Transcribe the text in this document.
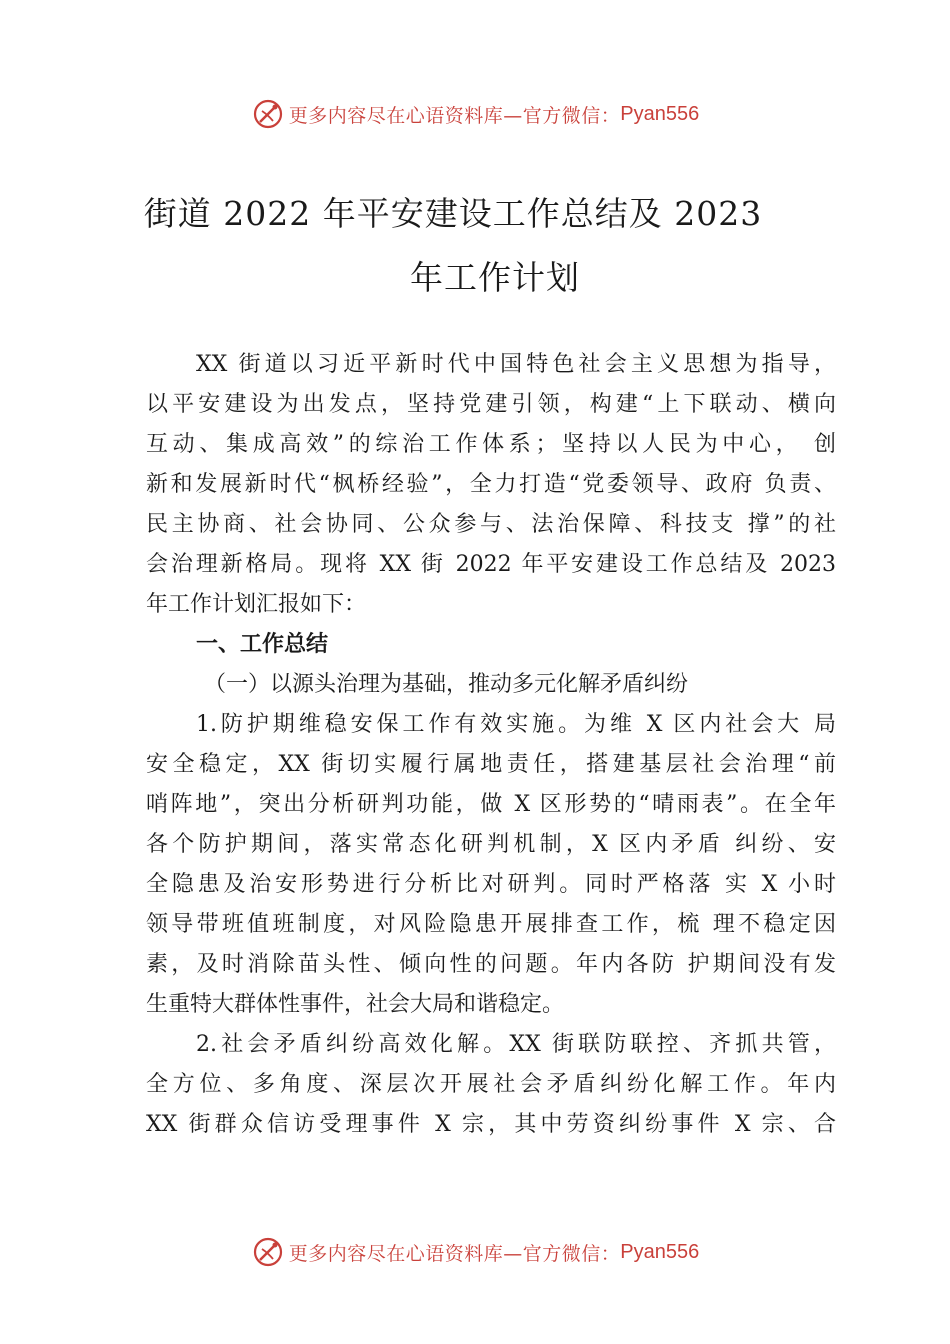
更多内容尽在心语资料库—官方微信： Pyan556
街道 2022 年平安建设工作总结及 2023
年工作计划
XX 街道以习近平新时代中国特色社会主义思想为指导，
以平安建设为出发点，坚持党建引领，构建“上下联动、横向
互动、集成高效”的综治工作体系；坚持以人民为中心， 创
新和发展新时代“枫桥经验”，全力打造“党委领导、政府 负责、
民主协商、社会协同、公众参与、法治保障、科技支 撑”的社
会治理新格局。现将 XX 街 2022 年平安建设工作总结及 2023
年工作计划汇报如下：
一、工作总结
（一）以源头治理为基础，推动多元化解矛盾纠纷
1.防护期维稳安保工作有效实施。为维 X 区内社会大 局
安全稳定，XX 街切实履行属地责任，搭建基层社会治理“前
哨阵地”，突出分析研判功能，做 X 区形势的“晴雨表”。在全年
各个防护期间，落实常态化研判机制，X 区内矛盾 纠纷、安
全隐患及治安形势进行分析比对研判。同时严格落 实 X 小时
领导带班值班制度，对风险隐患开展排查工作，梳 理不稳定因
素，及时消除苗头性、倾向性的问题。年内各防 护期间没有发
生重特大群体性事件，社会大局和谐稳定。
2.社会矛盾纠纷高效化解。XX 街联防联控、齐抓共管，
全方位、多角度、深层次开展社会矛盾纠纷化解工作。年内
XX 街群众信访受理事件 X 宗，其中劳资纠纷事件 X 宗、合
更多内容尽在心语资料库—官方微信： Pyan556
